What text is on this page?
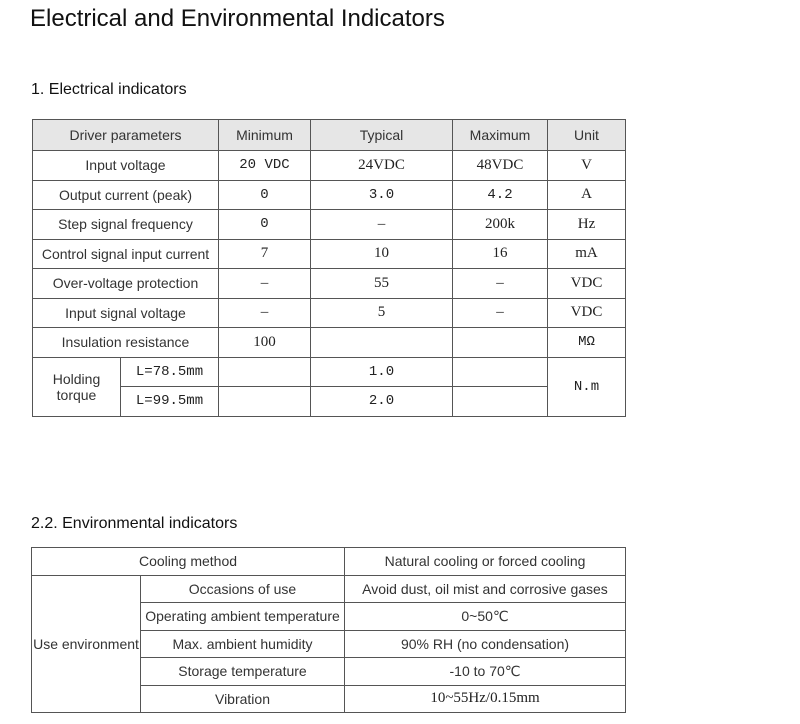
Electrical and Environmental Indicators
1. Electrical indicators
Driver parameters		Minimum	Typical	Maximum	Unit
Input voltage		20 VDC	24VDC	48VDC	V
Output current (peak)		0	3.0	4.2	A
Step signal frequency		0	–	200k	Hz
Control signal input current		7	10	16	mA
Over-voltage protection		–	55	–	VDC
Input signal voltage		–	5	–	VDC
Insulation resistance		100			MΩ
Holding torque	L=78.5mm		1.0		N.m
	L=99.5mm		2.0		
2.2. Environmental indicators
Cooling method		Natural cooling or forced cooling
Use environment	Occasions of use	Avoid dust, oil mist and corrosive gases
	Operating ambient temperature	0~50℃
	Max. ambient humidity	90% RH (no condensation)
	Storage temperature	-10 to 70℃
	Vibration	10~55Hz/0.15mm
